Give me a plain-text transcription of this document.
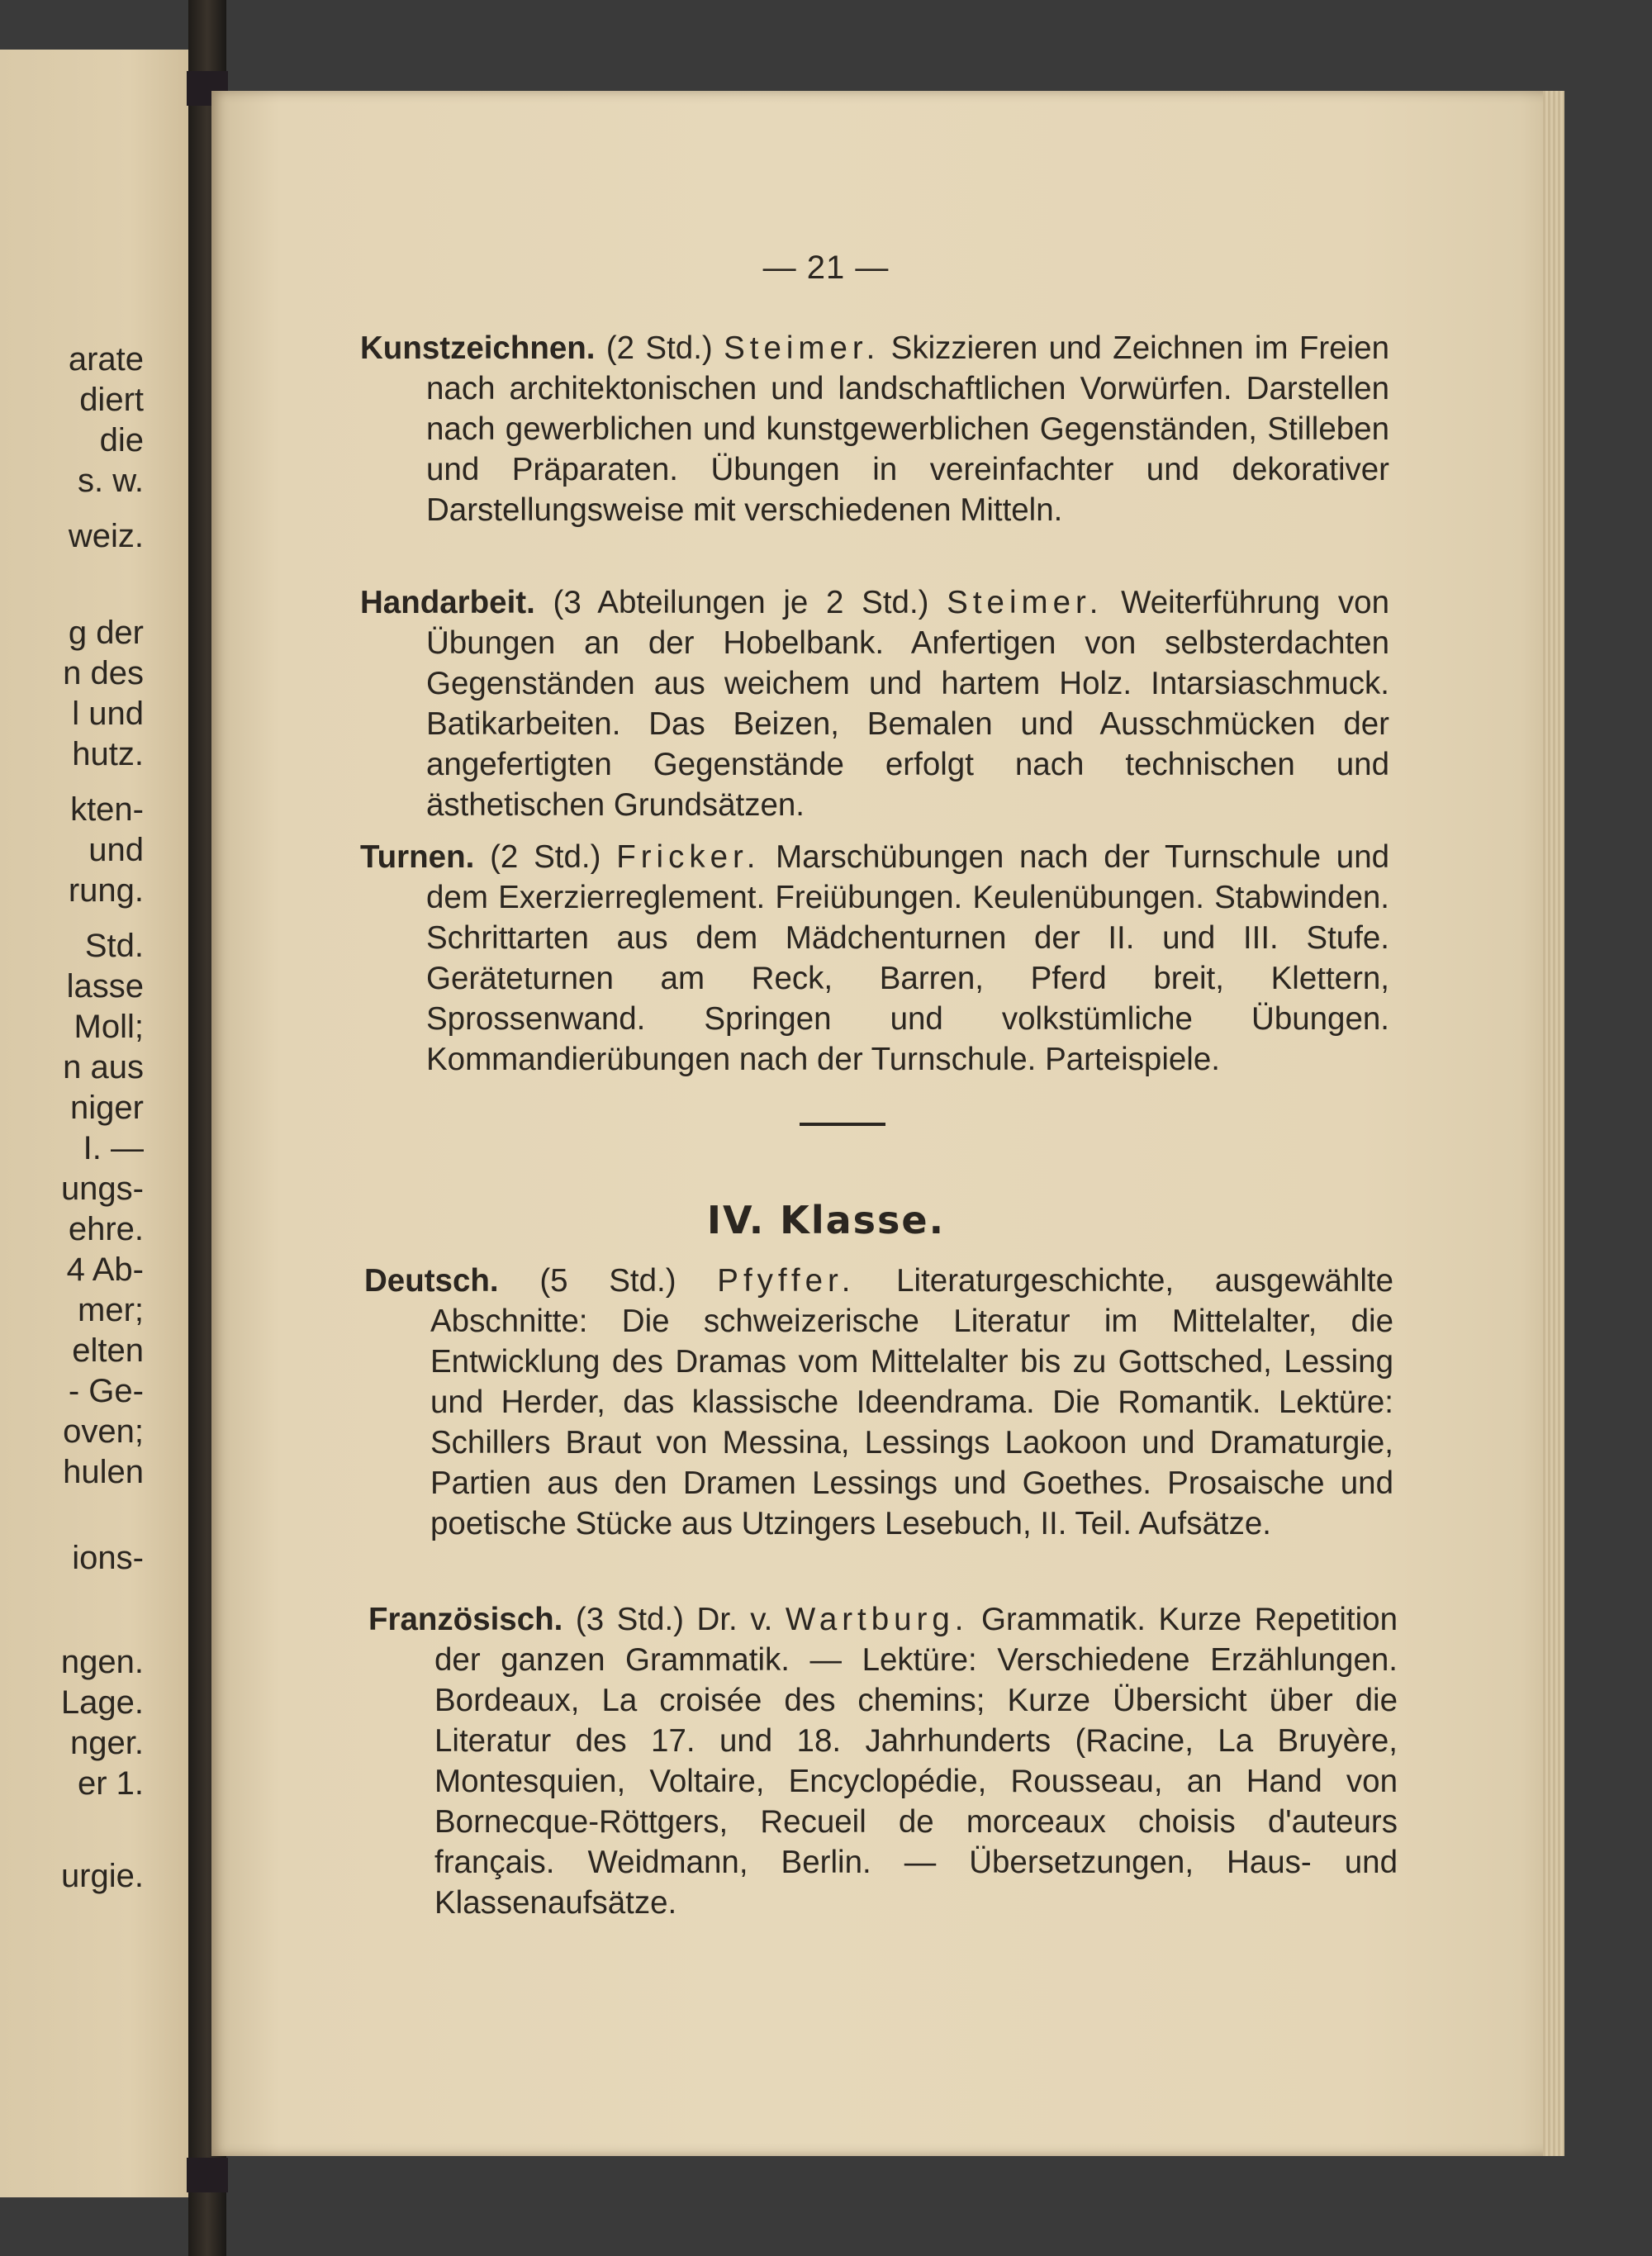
arate
diert
die
s. w.
weiz.
g der
n des
l und
hutz.
kten-
und
rung.
Std.
lasse
Moll;
n aus
niger
I. —
ungs-
ehre.
4 Ab-
mer;
elten
- Ge-
oven;
hulen
ions-
ngen.
Lage.
nger.
er 1.
urgie.
— 21 —
Kunstzeichnen. (2 Std.) Steimer. Skizzieren und Zeichnen im Freien nach architektonischen und landschaftlichen Vorwürfen. Darstellen nach gewerblichen und kunstgewerblichen Gegenständen, Stilleben und Präparaten. Übungen in vereinfachter und dekorativer Darstellungsweise mit verschiedenen Mitteln.
Handarbeit. (3 Abteilungen je 2 Std.) Steimer. Weiterführung von Übungen an der Hobelbank. Anfertigen von selbsterdachten Gegenständen aus weichem und hartem Holz. Intarsiaschmuck. Batikarbeiten. Das Beizen, Bemalen und Ausschmücken der angefertigten Gegenstände erfolgt nach technischen und ästhetischen Grundsätzen.
Turnen. (2 Std.) Fricker. Marschübungen nach der Turnschule und dem Exerzierreglement. Freiübungen. Keulenübungen. Stabwinden. Schrittarten aus dem Mädchenturnen der II. und III. Stufe. Geräteturnen am Reck, Barren, Pferd breit, Klettern, Sprossenwand. Springen und volkstümliche Übungen. Kommandierübungen nach der Turnschule. Parteispiele.
IV. Klasse.
Deutsch. (5 Std.) Pfyffer. Literaturgeschichte, ausgewählte Abschnitte: Die schweizerische Literatur im Mittelalter, die Entwicklung des Dramas vom Mittelalter bis zu Gottsched, Lessing und Herder, das klassische Ideendrama. Die Romantik. Lektüre: Schillers Braut von Messina, Lessings Laokoon und Dramaturgie, Partien aus den Dramen Lessings und Goethes. Prosaische und poetische Stücke aus Utzingers Lesebuch, II. Teil. Aufsätze.
Französisch. (3 Std.) Dr. v. Wartburg. Grammatik. Kurze Repetition der ganzen Grammatik. — Lektüre: Verschiedene Erzählungen. Bordeaux, La croisée des chemins; Kurze Übersicht über die Literatur des 17. und 18. Jahrhunderts (Racine, La Bruyère, Montesquien, Voltaire, Encyclopédie, Rousseau, an Hand von Bornecque-Röttgers, Recueil de morceaux choisis d'auteurs français. Weidmann, Berlin. — Übersetzungen, Haus- und Klassenaufsätze.
